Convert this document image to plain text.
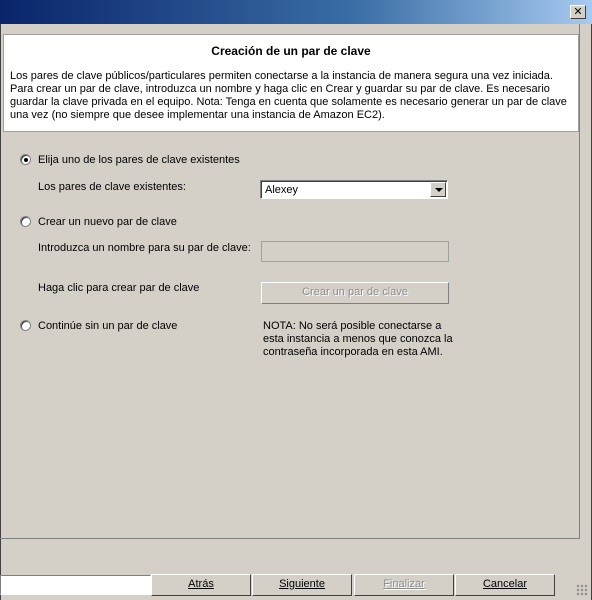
✕
Creación de un par de clave

Los pares de clave públicos/particulares permiten conectarse a la instancia de manera segura una vez iniciada. Para crear un par de clave, introduzca un nombre y haga clic en Crear y guardar su par de clave. Es necesario guardar la clave privada en el equipo. Nota: Tenga en cuenta que solamente es necesario generar un par de clave una vez (no siempre que desee implementar una instancia de Amazon EC2).

Elija uno de los pares de clave existentes
Los pares de clave existentes:	Alexey
Crear un nuevo par de clave
Introduzca un nombre para su par de clave:
Haga clic para crear par de clave	Crear un par de clave
Continúe sin un par de clave	NOTA: No será posible conectarse a esta instancia a menos que conozca la contraseña incorporada en esta AMI.
Atrás	Siguiente	Finalizar	Cancelar
